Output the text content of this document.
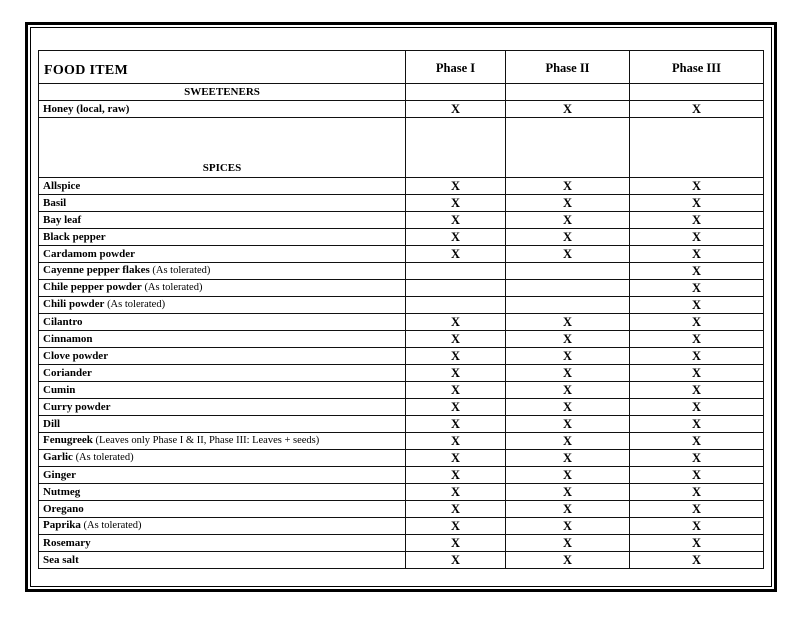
FOOD ITEM	Phase I	Phase II	Phase III
SWEETENERS			
Honey (local, raw)	X	X	X
SPICES			
Allspice	X	X	X
Basil	X	X	X
Bay leaf	X	X	X
Black pepper	X	X	X
Cardamom powder	X	X	X
Cayenne pepper flakes (As tolerated)			X
Chile pepper powder (As tolerated)			X
Chili powder (As tolerated)			X
Cilantro	X	X	X
Cinnamon	X	X	X
Clove powder	X	X	X
Coriander	X	X	X
Cumin	X	X	X
Curry powder	X	X	X
Dill	X	X	X
Fenugreek (Leaves only Phase I & II, Phase III: Leaves + seeds)	X	X	X
Garlic (As tolerated)	X	X	X
Ginger	X	X	X
Nutmeg	X	X	X
Oregano	X	X	X
Paprika (As tolerated)	X	X	X
Rosemary	X	X	X
Sea salt	X	X	X
